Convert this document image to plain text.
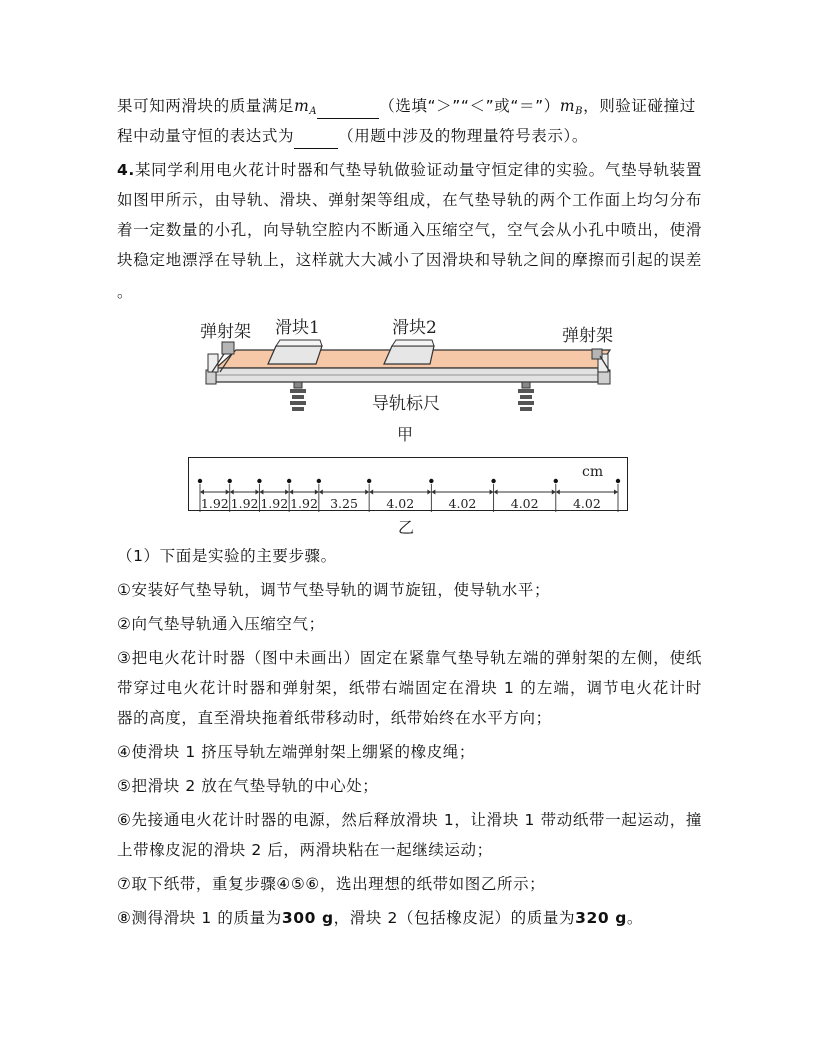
果可知两滑块的质量满足$m_A$	（选填“＞”“＜”或“$=”)m_B$，则验证碰撞过
程中动量守恒的表达式为	（用题中涉及的物理量符号表示）。
4.某同学利用电火花计时器和气垫导轨做验证动量守恒定律的实验。气垫导轨装置
如图甲所示，由导轨、滑块、弹射架等组成，在气垫导轨的两个工作面上均匀分布
着一定数量的小孔，向导轨空腔内不断通入压缩空气，空气会从小孔中喷出，使滑
块稳定地漂浮在导轨上，这样就大大减小了因滑块和导轨之间的摩擦而引起的误差
。
弹射架 滑块1	滑块2	弹射架
导轨标尺
甲
cm
1.92 1.92 1.92 1.92 3.25 4.02	4.02	4.02	4.02
乙
（1）下面是实验的主要步骤。
①安装好气垫导轨，调节气垫导轨的调节旋钮，使导轨水平；
②向气垫导轨通入压缩空气；
③把电火花计时器（图中未画出）固定在紧靠气垫导轨左端的弹射架的左侧，使纸
带穿过电火花计时器和弹射架，纸带右端固定在滑块 1 的左端，调节电火花计时
器的高度，直至滑块拖着纸带移动时，纸带始终在水平方向；
④使滑块 1 挤压导轨左端弹射架上绷紧的橡皮绳；
⑤把滑块 2 放在气垫导轨的中心处；
⑥先接通电火花计时器的电源，然后释放滑块 1，让滑块 1 带动纸带一起运动，撞
上带橡皮泥的滑块 2 后，两滑块粘在一起继续运动；
⑦取下纸带，重复步骤④⑤⑥，选出理想的纸带如图乙所示；
⑧测得滑块 1 的质量为300 g，滑块 2（包括橡皮泥）的质量为320 g。
